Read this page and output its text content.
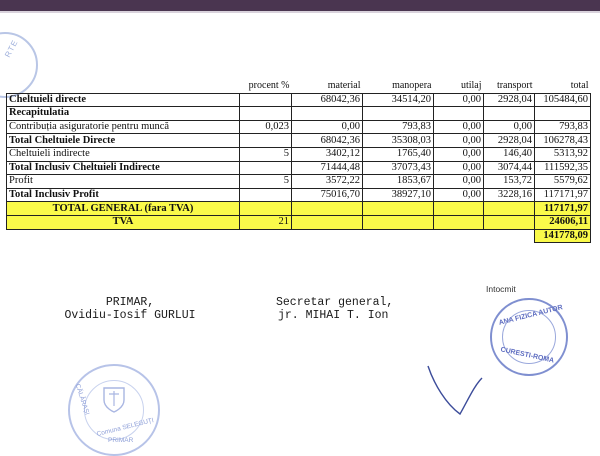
RTE
	procent %	material	manopera	utilaj	transport	total
Cheltuieli directe		68042,36	34514,20	0,00	2928,04	105484,60
Recapitulatia						
Contribuția asiguratorie pentru muncă	0,023	0,00	793,83	0,00	0,00	793,83
Total Cheltuiele Directe		68042,36	35308,03	0,00	2928,04	106278,43
Cheltuieli indirecte	5	3402,12	1765,40	0,00	146,40	5313,92
Total Inclusiv Cheltuieli Indirecte		71444,48	37073,43	0,00	3074,44	111592,35
Profit	5	3572,22	1853,67	0,00	153,72	5579,62
Total Inclusiv Profit		75016,70	38927,10	0,00	3228,16	117171,97
TOTAL GENERAL (fara TVA)						117171,97
TVA	21					24606,11
						141778,09
PRIMAR,
Ovidiu-Iosif GURLUI
Secretar general,
jr. MIHAI T. Ion
Intocmit
ANA FIZICA AUTOR
CURESTI-ROMA
CĂLĂRAȘI
Comuna SELEGUȚI
PRIMAR
